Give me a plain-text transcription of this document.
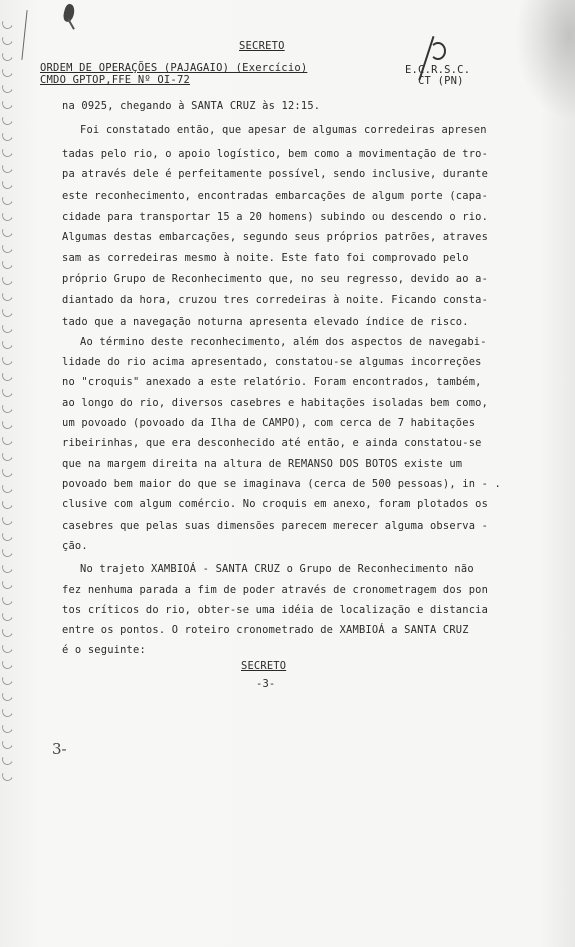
SECRETO
ORDEM DE OPERAÇÕES (PAJAGAIO) (Exercício)
CMDO GPTOP,FFE Nº OI-72
E.C.R.S.C.
CT (PN)
na 0925, chegando à SANTA CRUZ às 12:15.
Foi constatado então, que apesar de algumas corredeiras apresen
tadas pelo rio, o apoio logístico, bem como a movimentação de tro-
pa através dele é perfeitamente possível, sendo inclusive, durante
este reconhecimento, encontradas embarcações de algum porte (capa-
cidade para transportar 15 a 20 homens) subindo ou descendo o rio.
Algumas destas embarcações, segundo seus próprios patrões, atraves
sam as corredeiras mesmo à noite. Este fato foi comprovado pelo
próprio Grupo de Reconhecimento que, no seu regresso, devido ao a-
diantado da hora, cruzou tres corredeiras à noite. Ficando consta-
tado que a navegação noturna apresenta elevado índice de risco.
Ao término deste reconhecimento, além dos aspectos de navegabi-
lidade do rio acima apresentado, constatou-se algumas incorreções
no "croquis" anexado a este relatório. Foram encontrados, também,
ao longo do rio, diversos casebres e habitações isoladas bem como,
um povoado (povoado da Ilha de CAMPO), com cerca de 7 habitações
ribeirinhas, que era desconhecido até então, e ainda constatou-se
que na margem direita na altura de REMANSO DOS BOTOS existe um
povoado bem maior do que se imaginava (cerca de 500 pessoas), in - .
clusive com algum comércio. No croquis em anexo, foram plotados os
casebres que pelas suas dimensões parecem merecer alguma observa -
ção.
No trajeto XAMBIOÁ - SANTA CRUZ o Grupo de Reconhecimento não
fez nenhuma parada a fim de poder através de cronometragem dos pon
tos críticos do rio, obter-se uma idéia de localização e distancia
entre os pontos. O roteiro cronometrado de XAMBIOÁ a SANTA CRUZ
é o seguinte:
SECRETO
-3-
3-
